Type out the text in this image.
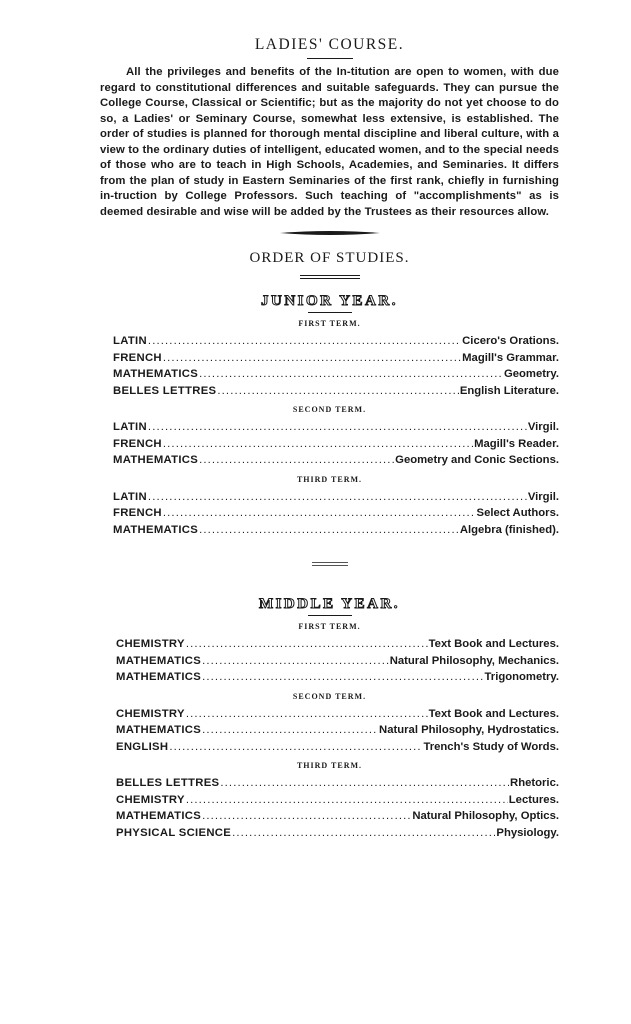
LADIES' COURSE.

All the privileges and benefits of the In-titution are open to women, with due regard to constitutional differences and suitable safeguards. They can pursue the College Course, Classical or Scientific; but as the majority do not yet choose to do so, a Ladies' or Seminary Course, somewhat less extensive, is established. The order of studies is planned for thorough mental discipline and liberal culture, with a view to the ordinary duties of intelligent, educated women, and to the special needs of those who are to teach in High Schools, Academies, and Seminaries. It differs from the plan of study in Eastern Seminaries of the first rank, chiefly in furnishing in-truction by College Professors. Such teaching of "accomplishments" as is deemed desirable and wise will be added by the Trustees as their resources allow.

ORDER OF STUDIES.
JUNIOR YEAR.
FIRST TERM.
LATIN . . .	Cicero's Orations.
FRENCH . . .	Magill's Grammar.
MATHEMATICS . . .	Geometry.
BELLES LETTRES . . .	English Literature.
SECOND TERM.
LATIN . . .	Virgil.
FRENCH . . .	Magill's Reader.
MATHEMATICS . . .	Geometry and Conic Sections.
THIRD TERM.
LATIN . . .	Virgil.
FRENCH . . .	Select Authors.
MATHEMATICS . . .	Algebra (finished).
MIDDLE YEAR.
FIRST TERM.
CHEMISTRY . . .	Text Book and Lectures.
MATHEMATICS . . .	Natural Philosophy, Mechanics.
MATHEMATICS . . .	Trigonometry.
SECOND TERM.
CHEMISTRY . . .	Text Book and Lectures.
MATHEMATICS . . .	Natural Philosophy, Hydrostatics.
ENGLISH . . .	Trench's Study of Words.
THIRD TERM.
BELLES LETTRES . . .	Rhetoric.
CHEMISTRY . . .	Lectures.
MATHEMATICS . . .	Natural Philosophy, Optics.
PHYSICAL SCIENCE . . .	Physiology.
